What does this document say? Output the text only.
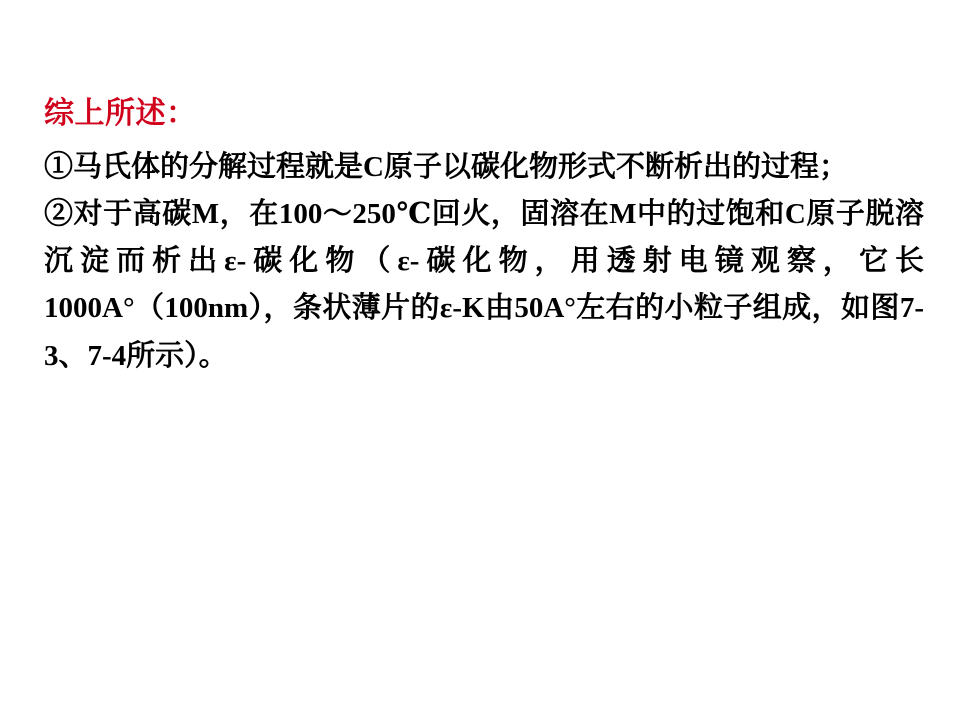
综上所述：
①马氏体的分解过程就是C原子以碳化物形式不断析出的过程；
②对于高碳M，在100～250℃回火，固溶在M中的过饱和C原子脱溶沉淀而析出ε-碳化物（ε-碳化物，用透射电镜观察，它长1000A°（100nm），条状薄片的ε-K由50A°左右的小粒子组成，如图7-3、7-4所示）。
